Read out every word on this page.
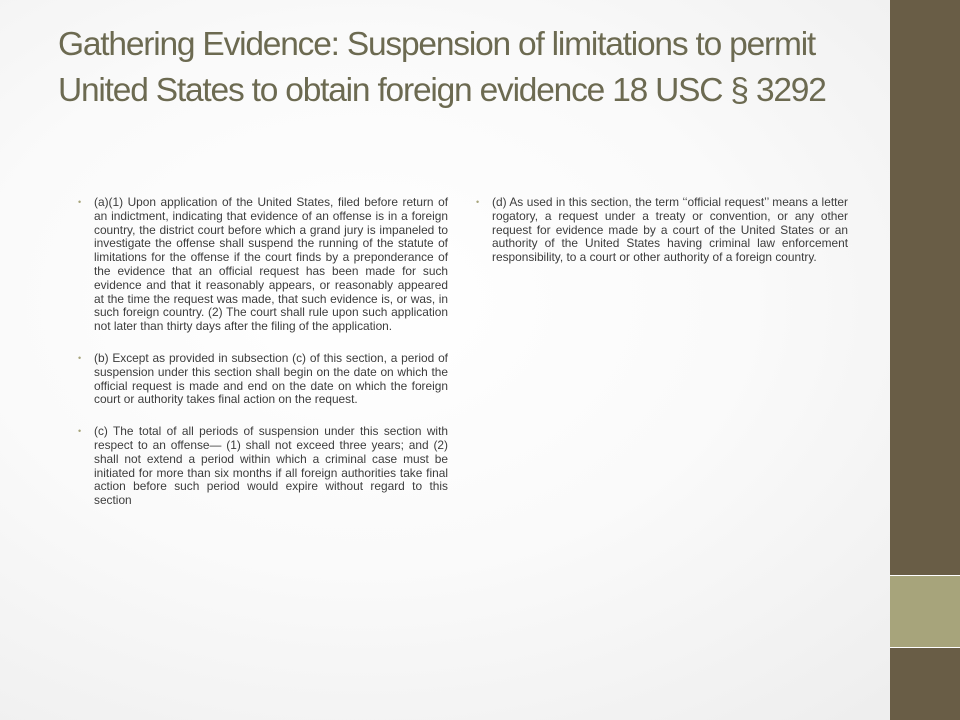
Gathering Evidence: Suspension of limitations to permit United States to obtain foreign evidence 18 USC § 3292
• (a)(1) Upon application of the United States, filed before return of an indictment, indicating that evidence of an offense is in a foreign country, the district court before which a grand jury is impaneled to investigate the offense shall suspend the running of the statute of limitations for the offense if the court finds by a preponderance of the evidence that an official request has been made for such evidence and that it reasonably appears, or reasonably appeared at the time the request was made, that such evidence is, or was, in such foreign country. (2) The court shall rule upon such application not later than thirty days after the filing of the application.
• (b) Except as provided in subsection (c) of this section, a period of suspension under this section shall begin on the date on which the official request is made and end on the date on which the foreign court or authority takes final action on the request.
• (c) The total of all periods of suspension under this section with respect to an offense— (1) shall not exceed three years; and (2) shall not extend a period within which a criminal case must be initiated for more than six months if all foreign authorities take final action before such period would expire without regard to this section
• (d) As used in this section, the term ‘‘official request’’ means a letter rogatory, a request under a treaty or convention, or any other request for evidence made by a court of the United States or an authority of the United States having criminal law enforcement responsibility, to a court or other authority of a foreign country.
